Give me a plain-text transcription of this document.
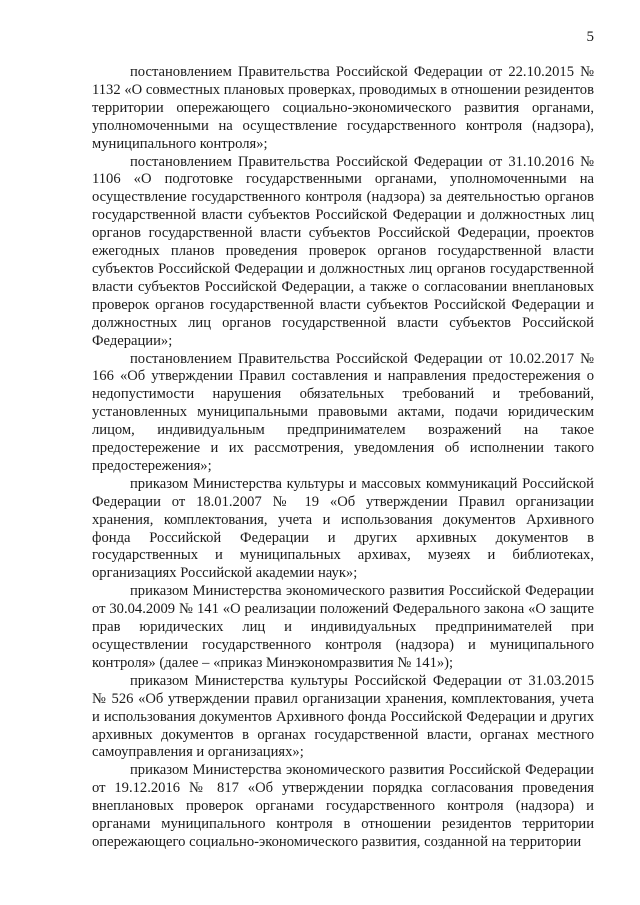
5

постановлением Правительства Российской Федерации от 22.10.2015 № 1132 «О совместных плановых проверках, проводимых в отношении резидентов территории опережающего социально-экономического развития органами, уполномоченными на осуществление государственного контроля (надзора), муниципального контроля»;

постановлением Правительства Российской Федерации от 31.10.2016 № 1106 «О подготовке государственными органами, уполномоченными на осуществление государственного контроля (надзора) за деятельностью органов государственной власти субъектов Российской Федерации и должностных лиц органов государственной власти субъектов Российской Федерации, проектов ежегодных планов проведения проверок органов государственной власти субъектов Российской Федерации и должностных лиц органов государственной власти субъектов Российской Федерации, а также о согласовании внеплановых проверок органов государственной власти субъектов Российской Федерации и должностных лиц органов государственной власти субъектов Российской Федерации»;

постановлением Правительства Российской Федерации от 10.02.2017 № 166 «Об утверждении Правил составления и направления предостережения о недопустимости нарушения обязательных требований и требований, установленных муниципальными правовыми актами, подачи юридическим лицом, индивидуальным предпринимателем возражений на такое предостережение и их рассмотрения, уведомления об исполнении такого предостережения»;

приказом Министерства культуры и массовых коммуникаций Российской Федерации от 18.01.2007 № 19 «Об утверждении Правил организации хранения, комплектования, учета и использования документов Архивного фонда Российской Федерации и других архивных документов в государственных и муниципальных архивах, музеях и библиотеках, организациях Российской академии наук»;

приказом Министерства экономического развития Российской Федерации от 30.04.2009 № 141 «О реализации положений Федерального закона «О защите прав юридических лиц и индивидуальных предпринимателей при осуществлении государственного контроля (надзора) и муниципального контроля» (далее – «приказ Минэкономразвития № 141»);

приказом Министерства культуры Российской Федерации от 31.03.2015 № 526 «Об утверждении правил организации хранения, комплектования, учета и использования документов Архивного фонда Российской Федерации и других архивных документов в органах государственной власти, органах местного самоуправления и организациях»;

приказом Министерства экономического развития Российской Федерации от 19.12.2016 № 817 «Об утверждении порядка согласования проведения внеплановых проверок органами государственного контроля (надзора) и органами муниципального контроля в отношении резидентов территории опережающего социально-экономического развития, созданной на территории
